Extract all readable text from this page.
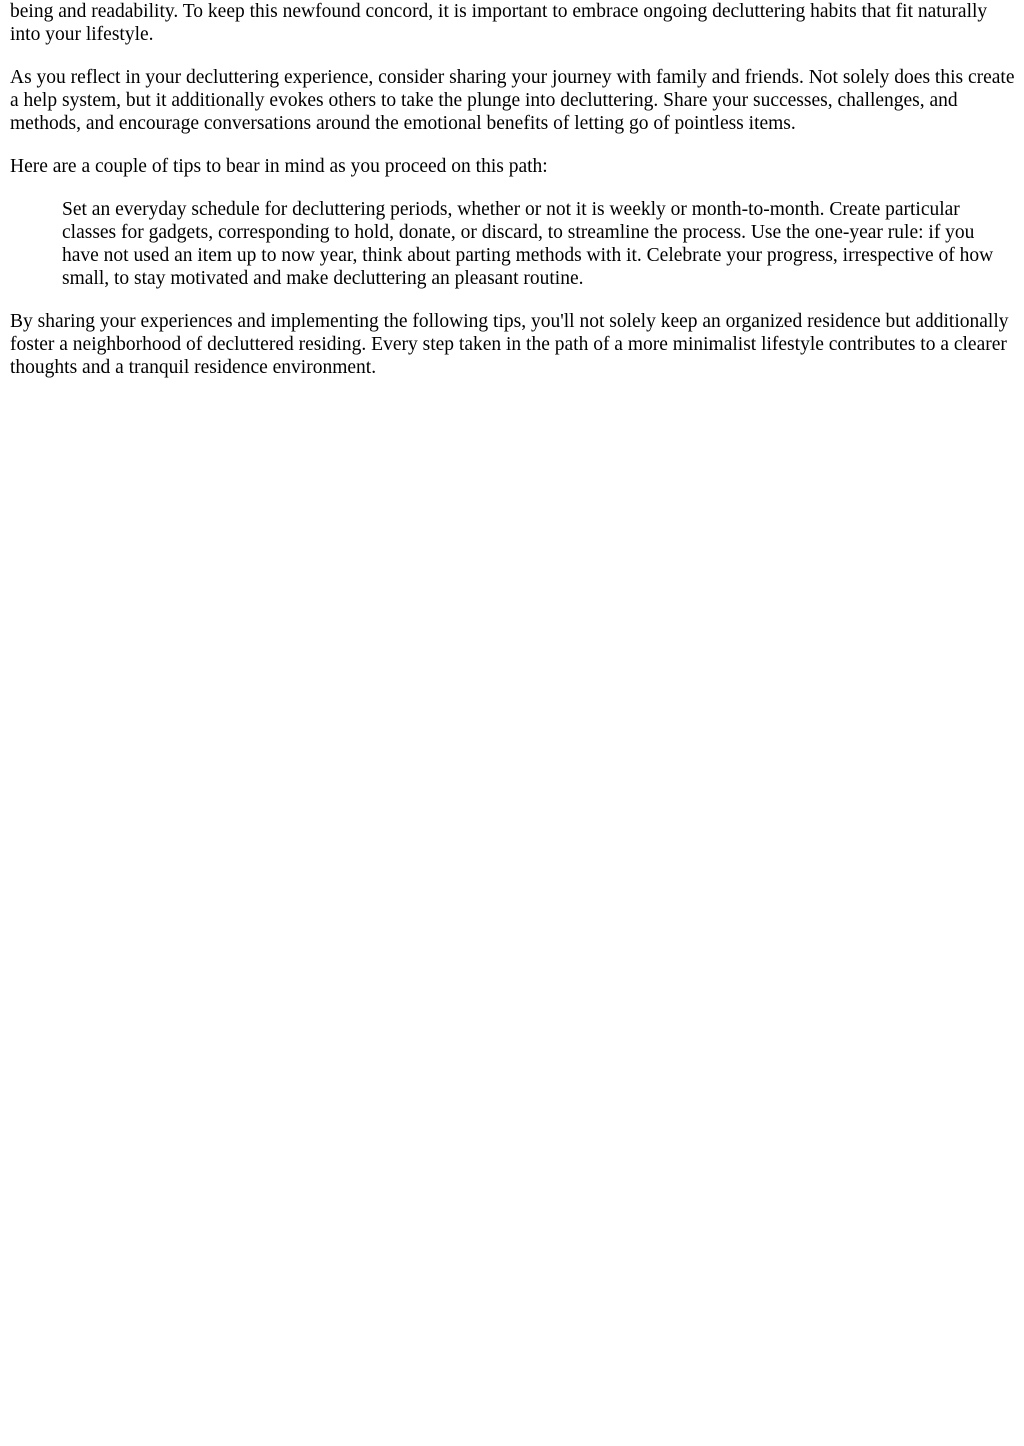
being and readability. To keep this newfound concord, it is important to embrace ongoing decluttering habits that fit naturally into your lifestyle.

As you reflect in your decluttering experience, consider sharing your journey with family and friends. Not solely does this create a help system, but it additionally evokes others to take the plunge into decluttering. Share your successes, challenges, and methods, and encourage conversations around the emotional benefits of letting go of pointless items.

Here are a couple of tips to bear in mind as you proceed on this path:

Set an everyday schedule for decluttering periods, whether or not it is weekly or month-to-month. Create particular classes for gadgets, corresponding to hold, donate, or discard, to streamline the process. Use the one-year rule: if you have not used an item up to now year, think about parting methods with it. Celebrate your progress, irrespective of how small, to stay motivated and make decluttering an pleasant routine.

By sharing your experiences and implementing the following tips, you'll not solely keep an organized residence but additionally foster a neighborhood of decluttered residing. Every step taken in the path of a more minimalist lifestyle contributes to a clearer thoughts and a tranquil residence environment.
